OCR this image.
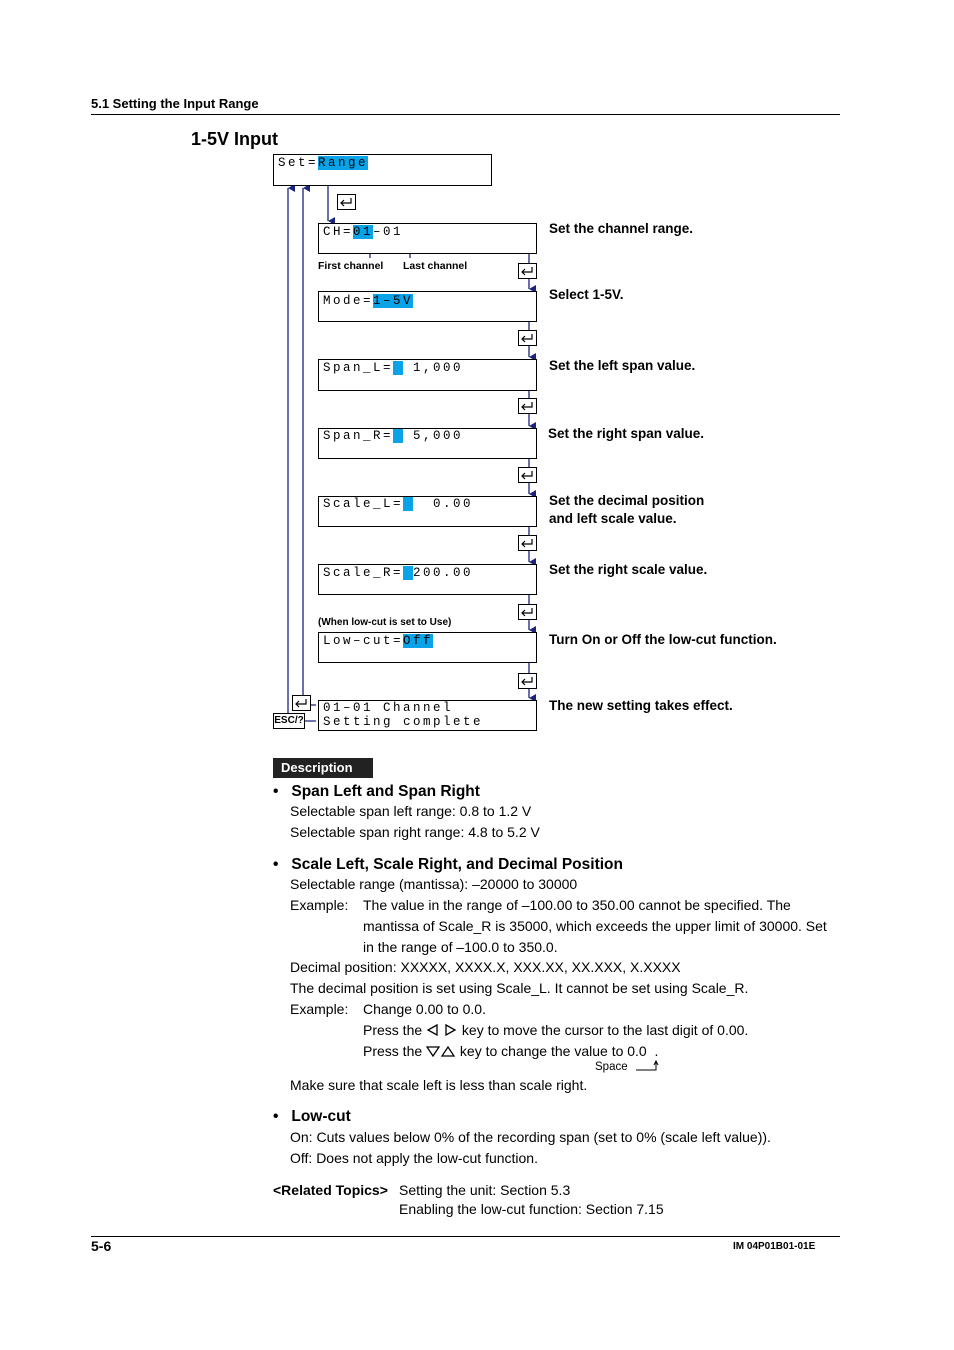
5.1 Setting the Input Range
1-5V Input
ESC/?
Set=Range
CH=01–01
First channel Last channel
Mode=1–5V
Span_L=  1,000
Span_R=  5,000
Scale_L=   0.00
Scale_R= 200.00
(When low-cut is set to Use)
Low–cut=Off
01–01 Channel
Setting complete
Set the channel range.
Select 1-5V.
Set the left span value.
Set the right span value.
Set the decimal position
and left scale value.
Set the right scale value.
Turn On or Off the low-cut function.
The new setting takes effect.
Description
•   Span Left and Span Right
Selectable span left range: 0.8 to 1.2 V
Selectable span right range: 4.8 to 5.2 V
•   Scale Left, Scale Right, and Decimal Position
Selectable range (mantissa): –20000 to 30000
Example: The value in the range of –100.00 to 350.00 cannot be specified. The
mantissa of Scale_R is 35000, which exceeds the upper limit of 30000. Set
in the range of –100.0 to 350.0.
Decimal position: XXXXX, XXXX.X, XXX.XX, XX.XXX, X.XXXX
The decimal position is set using Scale_L. It cannot be set using Scale_R.
Example: Change 0.00 to 0.0.
Press the	key to move the cursor to the last digit of 0.00.
Press the	key to change the value to 0.0 .
Space
Make sure that scale left is less than scale right.
•   Low-cut
On: Cuts values below 0% of the recording span (set to 0% (scale left value)).
Off: Does not apply the low-cut function.
<Related Topics> Setting the unit: Section 5.3
Enabling the low-cut function: Section 7.15
5-6	IM 04P01B01-01E
